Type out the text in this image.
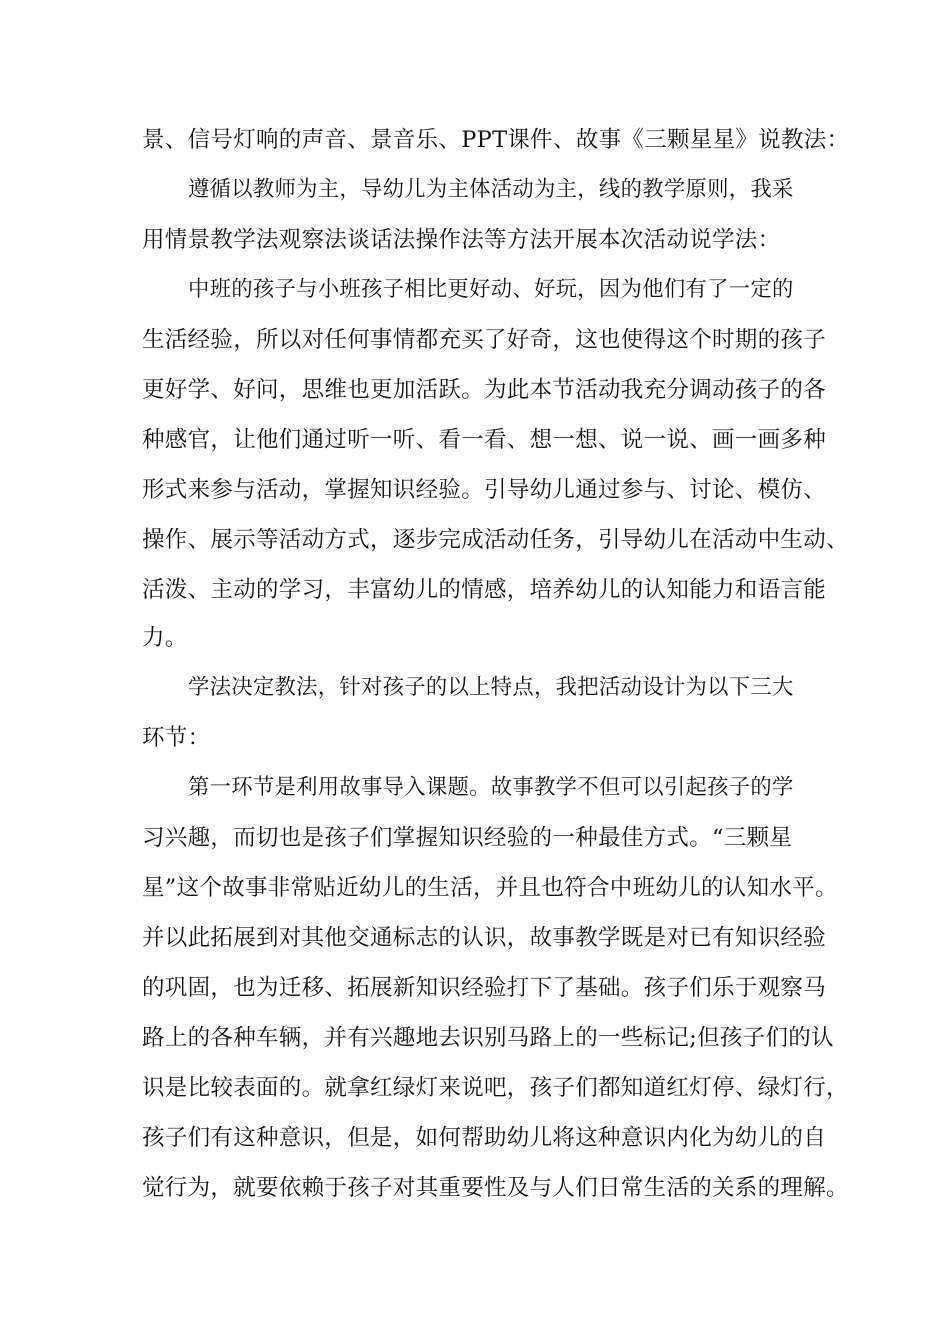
景、信号灯响的声音、景音乐、PPT课件、故事《三颗星星》说教法：
遵循以教师为主，导幼儿为主体活动为主，线的教学原则，我采
用情景教学法观察法谈话法操作法等方法开展本次活动说学法：
中班的孩子与小班孩子相比更好动、好玩，因为他们有了一定的
生活经验，所以对任何事情都充买了好奇，这也使得这个时期的孩子
更好学、好问，思维也更加活跃。为此本节活动我充分调动孩子的各
种感官，让他们通过听一听、看一看、想一想、说一说、画一画多种
形式来参与活动，掌握知识经验。引导幼儿通过参与、讨论、模仿、
操作、展示等活动方式，逐步完成活动任务，引导幼儿在活动中生动、
活泼、主动的学习，丰富幼儿的情感，培养幼儿的认知能力和语言能
力。
学法决定教法，针对孩子的以上特点，我把活动设计为以下三大
环节：
第一环节是利用故事导入课题。故事教学不但可以引起孩子的学
习兴趣，而切也是孩子们掌握知识经验的一种最佳方式。“三颗星
星”这个故事非常贴近幼儿的生活，并且也符合中班幼儿的认知水平。
并以此拓展到对其他交通标志的认识，故事教学既是对已有知识经验
的巩固，也为迁移、拓展新知识经验打下了基础。孩子们乐于观察马
路上的各种车辆，并有兴趣地去识别马路上的一些标记;但孩子们的认
识是比较表面的。就拿红绿灯来说吧，孩子们都知道红灯停、绿灯行，
孩子们有这种意识，但是，如何帮助幼儿将这种意识内化为幼儿的自
觉行为，就要依赖于孩子对其重要性及与人们日常生活的关系的理解。
